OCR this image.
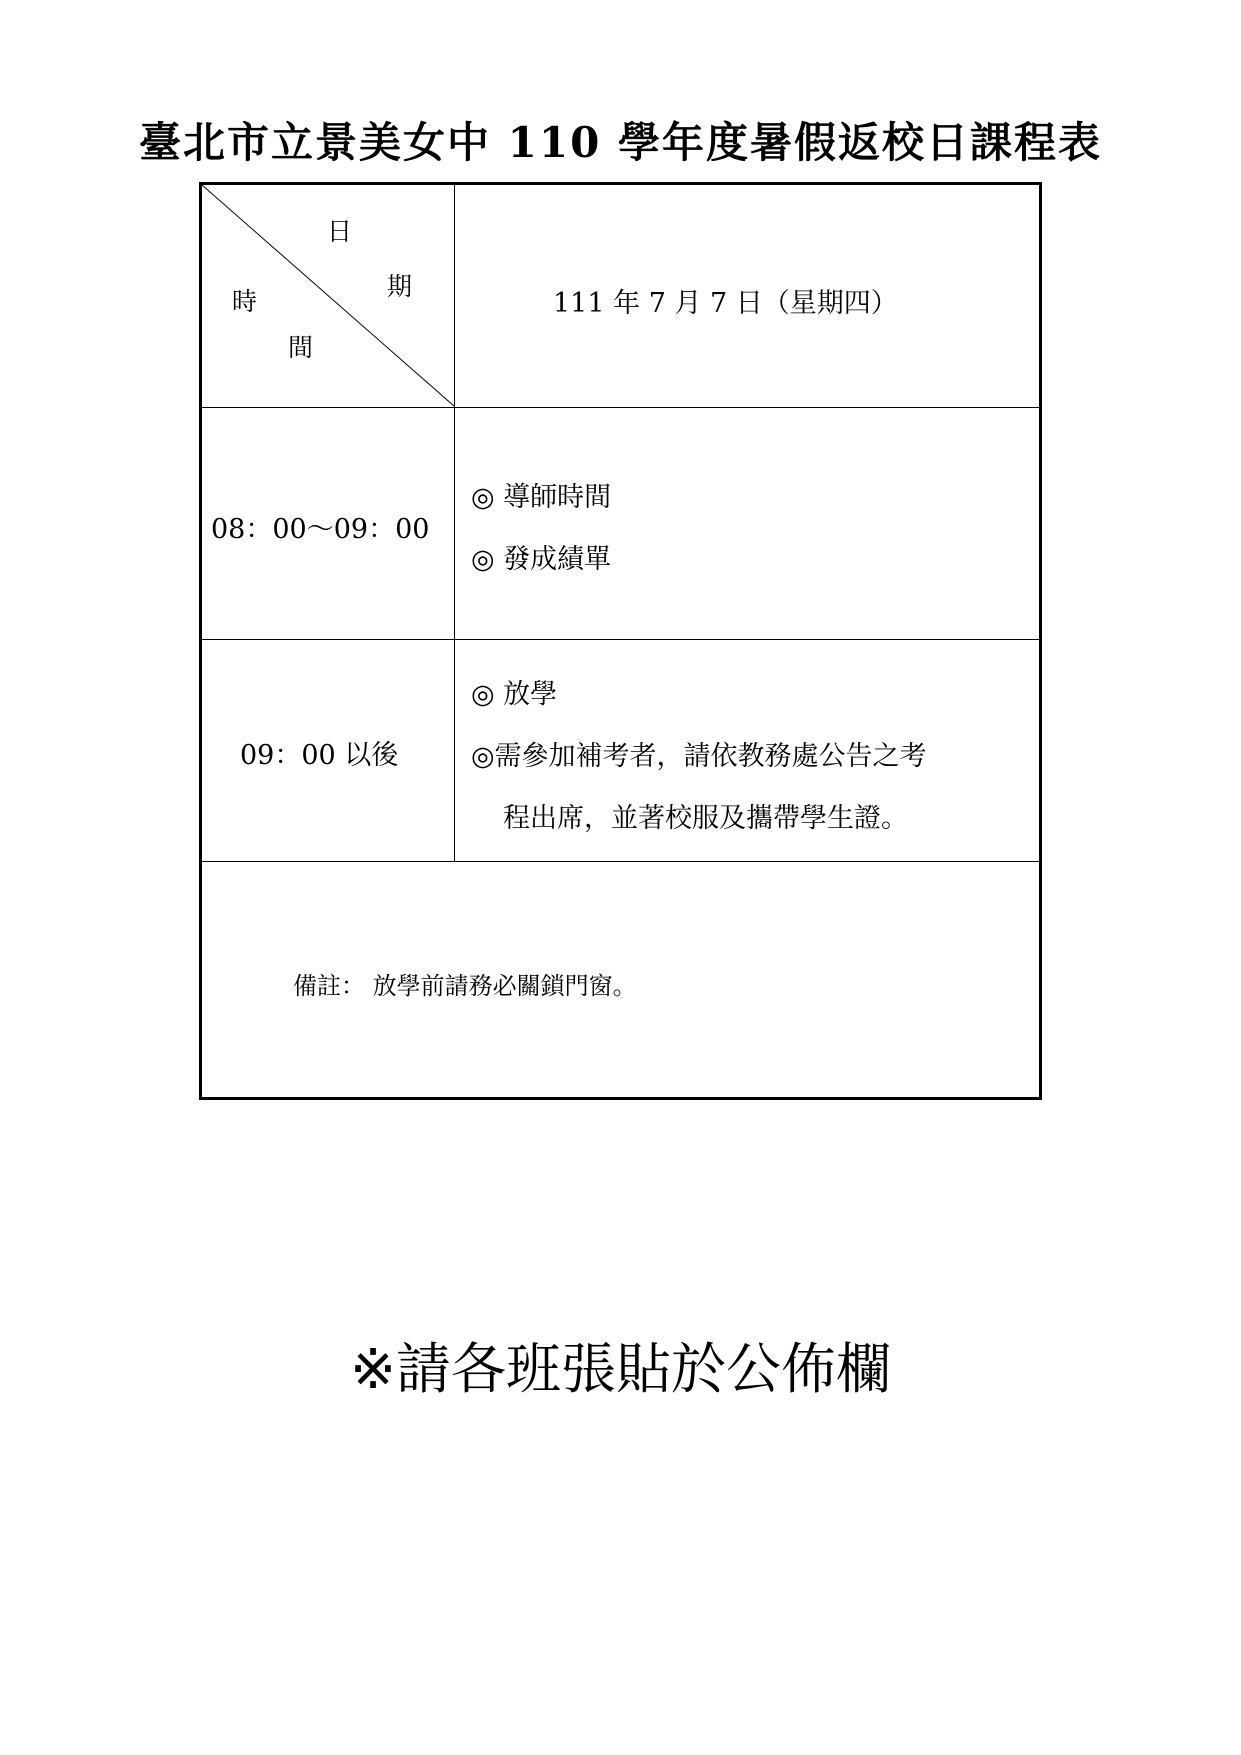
臺北市立景美女中 110 學年度暑假返校日課程表
日
期
時
間
111 年 7 月 7 日（星期四）
08：00～09：00
◎ 導師時間
◎ 發成績單
09：00 以後
◎ 放學
◎需參加補考者，請依教務處公告之考
程出席，並著校服及攜帶學生證。
備註： 放學前請務必關鎖門窗。

※請各班張貼於公佈欄
